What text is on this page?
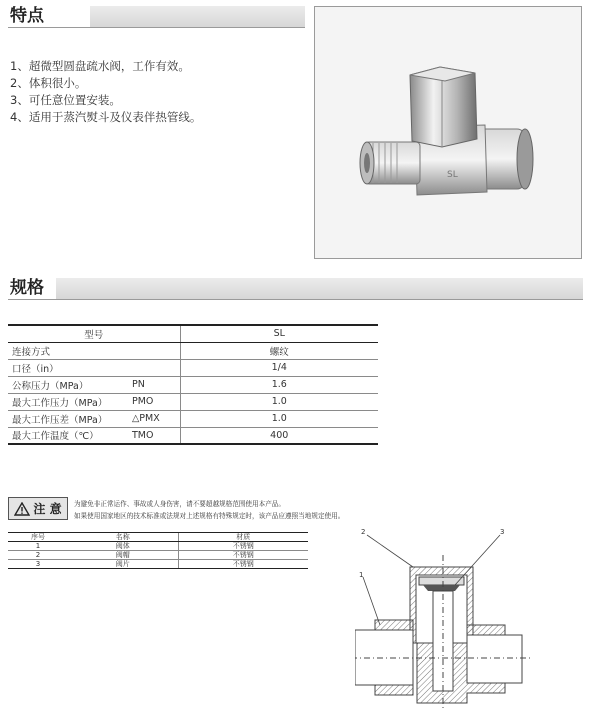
特点
1、超微型圆盘疏水阀，工作有效。
2、体积很小。
3、可任意位置安装。
4、适用于蒸汽熨斗及仪表伴热管线。
SL
规格
型号		SL
连接方式		螺纹
口径（in）		1/4
公称压力（MPa）	PN	1.6
最大工作压力（MPa）	PMO	1.0
最大工作压差（MPa）	△PMX	1.0
最大工作温度（℃）	TMO	400
注 意 为避免非正常运作、事故或人身伤害，请不要超越规格范围使用本产品。
如果使用国家地区的技术标准或法规对上述规格有特殊规定时，该产品应遵照当地规定使用。
序号	名称	材质
1	阀体	不锈钢
2	阀帽	不锈钢
3	阀片	不锈钢
2	3
1
